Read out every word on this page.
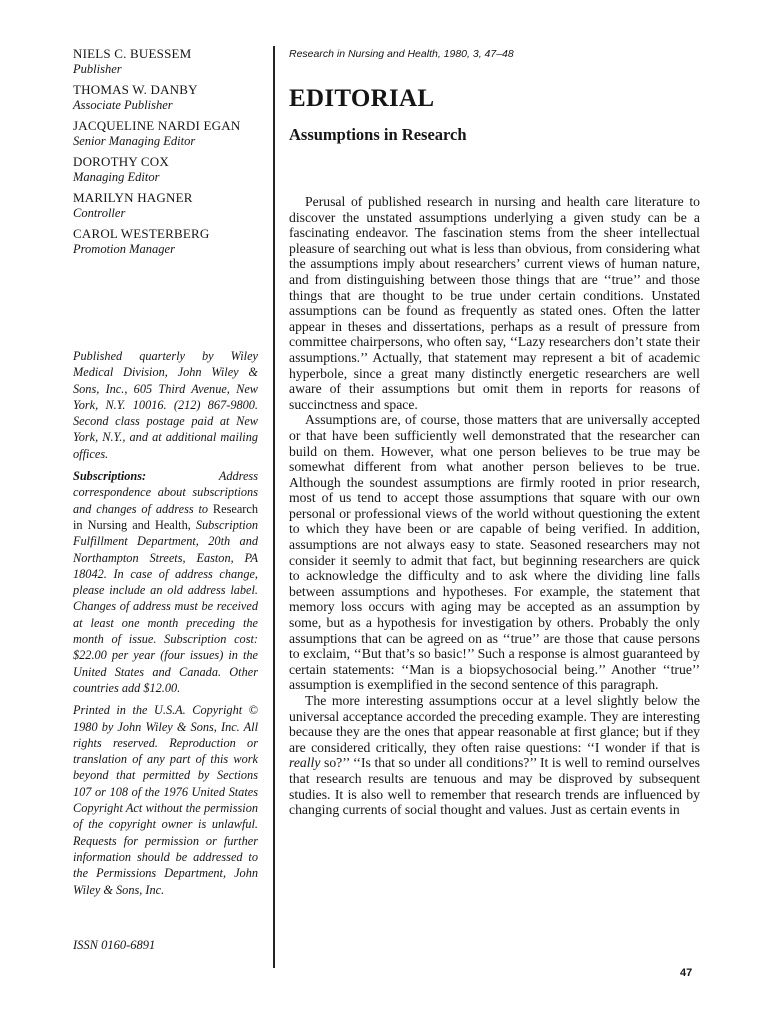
NIELS C. BUESSEM
Publisher
THOMAS W. DANBY
Associate Publisher
JACQUELINE NARDI EGAN
Senior Managing Editor
DOROTHY COX
Managing Editor
MARILYN HAGNER
Controller
CAROL WESTERBERG
Promotion Manager

Published quarterly by Wiley Medical Division, John Wiley & Sons, Inc., 605 Third Avenue, New York, N.Y. 10016. (212) 867-9800. Second class postage paid at New York, N.Y., and at additional mailing offices.

Subscriptions:	Address correspondence about subscriptions and changes of address to Research in Nursing and Health, Subscription Fulfillment Department, 20th and Northampton Streets, Easton, PA 18042. In case of address change, please include an old address label. Changes of address must be received at least one month preceding the month of issue. Subscription cost: $22.00 per year (four issues) in the United States and Canada. Other countries add $12.00.

Printed in the U.S.A. Copyright © 1980 by John Wiley & Sons, Inc. All rights reserved. Reproduction or translation of any part of this work beyond that permitted by Sections 107 or 108 of the 1976 United States Copyright Act without the permission of the copyright owner is unlawful. Requests for permission or further information should be addressed to the Permissions Department, John Wiley & Sons, Inc.

ISSN 0160-6891
Research in Nursing and Health, 1980, 3, 47–48
EDITORIAL
Assumptions in Research

Perusal of published research in nursing and health care literature to discover the unstated assumptions underlying a given study can be a fascinating endeavor. The fascination stems from the sheer intellectual pleasure of searching out what is less than obvious, from considering what the assumptions imply about researchers’ current views of human nature, and from distinguishing between those things that are ‘‘true’’ and those things that are thought to be true under certain conditions. Unstated assumptions can be found as frequently as stated ones. Often the latter appear in theses and dissertations, perhaps as a result of pressure from committee chairpersons, who often say, ‘‘Lazy researchers don’t state their assumptions.’’ Actually, that statement may represent a bit of academic hyperbole, since a great many distinctly energetic researchers are well aware of their assumptions but omit them in reports for reasons of succinctness and space.

Assumptions are, of course, those matters that are universally accepted or that have been sufficiently well demonstrated that the researcher can build on them. However, what one person believes to be true may be somewhat different from what another person believes to be true. Although the soundest assumptions are firmly rooted in prior research, most of us tend to accept those assumptions that square with our own personal or professional views of the world without questioning the extent to which they have been or are capable of being verified. In addition, assumptions are not always easy to state. Seasoned researchers may not consider it seemly to admit that fact, but beginning researchers are quick to acknowledge the difficulty and to ask where the dividing line falls between assumptions and hypotheses. For example, the statement that memory loss occurs with aging may be accepted as an assumption by some, but as a hypothesis for investigation by others. Probably the only assumptions that can be agreed on as ‘‘true’’ are those that cause persons to exclaim, ‘‘But that’s so basic!’’ Such a response is almost guaranteed by certain statements: ‘‘Man is a biopsychosocial being.’’ Another ‘‘true’’ assumption is exemplified in the second sentence of this paragraph.

The more interesting assumptions occur at a level slightly below the universal acceptance accorded the preceding example. They are interesting because they are the ones that appear reasonable at first glance; but if they are considered critically, they often raise questions: ‘‘I wonder if that is really so?’’ ‘‘Is that so under all conditions?’’ It is well to remind ourselves that research results are tenuous and may be disproved by subsequent studies. It is also well to remember that research trends are influenced by changing currents of social thought and values. Just as certain events in

47
